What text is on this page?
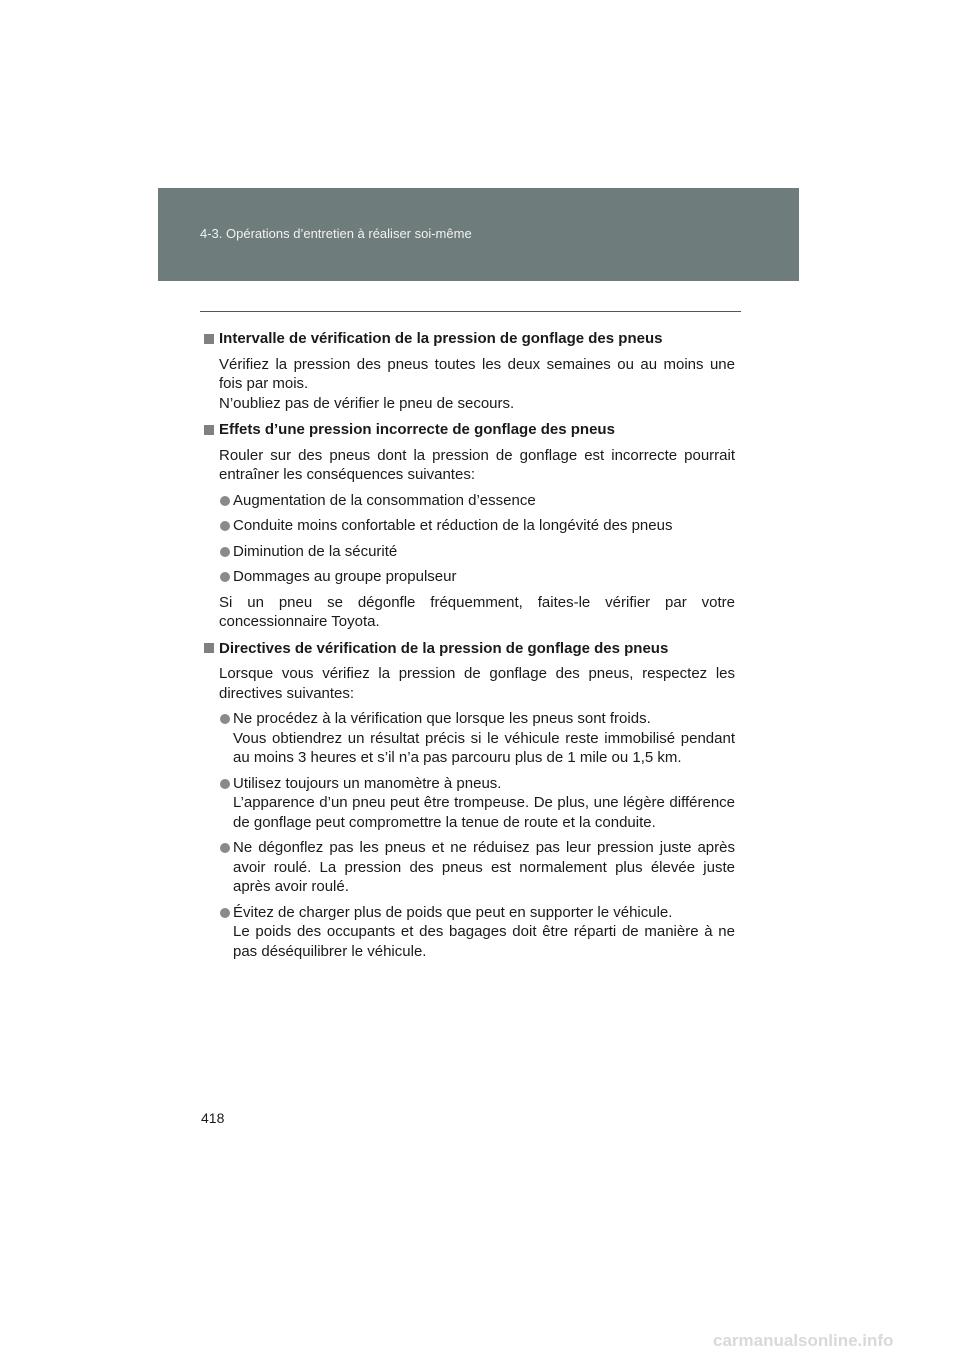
4-3. Opérations d’entretien à réaliser soi-même
Intervalle de vérification de la pression de gonflage des pneus

Vérifiez la pression des pneus toutes les deux semaines ou au moins une fois par mois.
N’oubliez pas de vérifier le pneu de secours.

Effets d’une pression incorrecte de gonflage des pneus

Rouler sur des pneus dont la pression de gonflage est incorrecte pourrait entraîner les conséquences suivantes:

Augmentation de la consommation d’essence

Conduite moins confortable et réduction de la longévité des pneus

Diminution de la sécurité

Dommages au groupe propulseur

Si un pneu se dégonfle fréquemment, faites-le vérifier par votre concessionnaire Toyota.

Directives de vérification de la pression de gonflage des pneus

Lorsque vous vérifiez la pression de gonflage des pneus, respectez les directives suivantes:

Ne procédez à la vérification que lorsque les pneus sont froids.
Vous obtiendrez un résultat précis si le véhicule reste immobilisé pendant au moins 3 heures et s’il n’a pas parcouru plus de 1 mile ou 1,5 km.

Utilisez toujours un manomètre à pneus.
L’apparence d’un pneu peut être trompeuse. De plus, une légère différence de gonflage peut compromettre la tenue de route et la conduite.

Ne dégonflez pas les pneus et ne réduisez pas leur pression juste après avoir roulé. La pression des pneus est normalement plus élevée juste après avoir roulé.

Évitez de charger plus de poids que peut en supporter le véhicule.
Le poids des occupants et des bagages doit être réparti de manière à ne pas déséquilibrer le véhicule.

418
carmanualsonline.info
